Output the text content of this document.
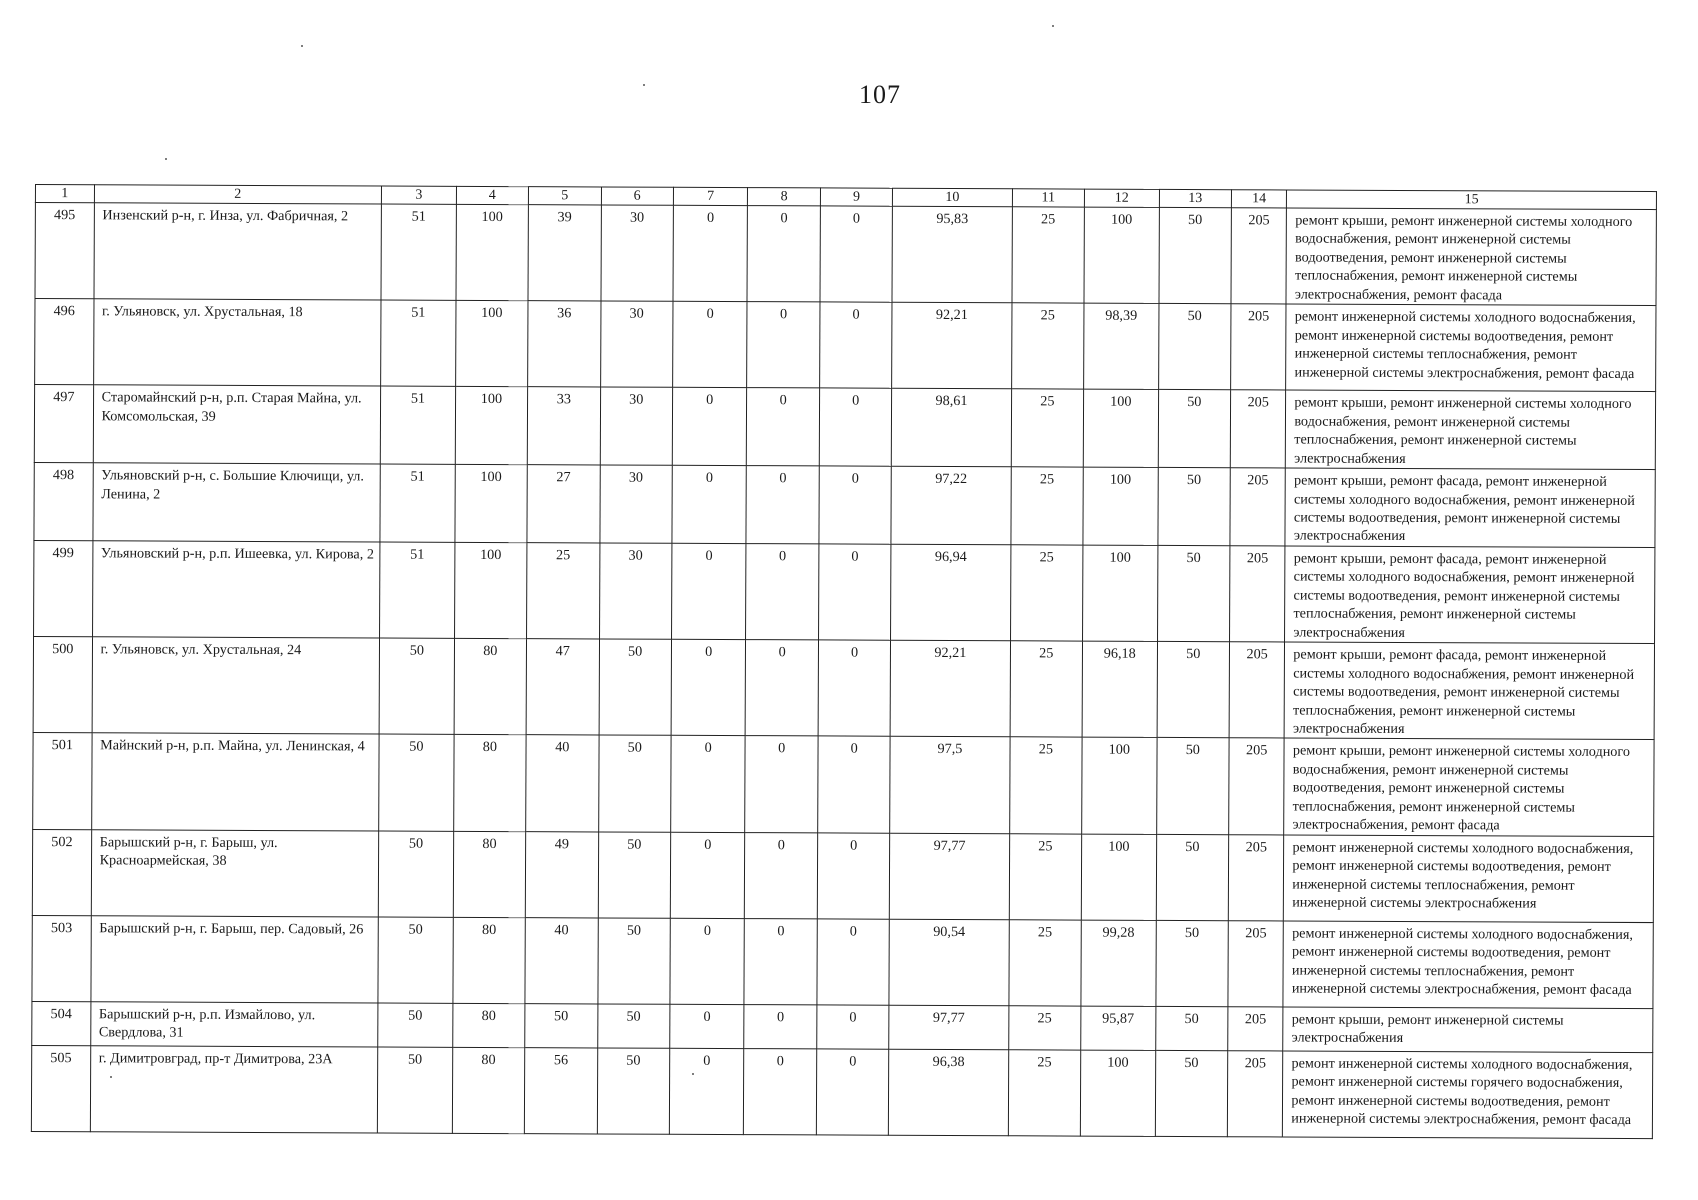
107
1	2	3	4	5	6	7	8	9	10	11	12	13	14	15
495	Инзенский р-н, г. Инза, ул. Фабричная, 2	51	100	39	30	0	0	0	95,83	25	100	50	205	ремонт крыши, ремонт инженерной системы холодного водоснабжения, ремонт инженерной системы водоотведения, ремонт инженерной системы теплоснабжения, ремонт инженерной системы электроснабжения, ремонт фасада
496	г. Ульяновск, ул. Хрустальная, 18	51	100	36	30	0	0	0	92,21	25	98,39	50	205	ремонт инженерной системы холодного водоснабжения, ремонт инженерной системы водоотведения, ремонт инженерной системы теплоснабжения, ремонт инженерной системы электроснабжения, ремонт фасада
497	Старомайнский р-н, р.п. Старая Майна, ул. Комсомольская, 39	51	100	33	30	0	0	0	98,61	25	100	50	205	ремонт крыши, ремонт инженерной системы холодного водоснабжения, ремонт инженерной системы теплоснабжения, ремонт инженерной системы электроснабжения
498	Ульяновский р-н, с. Большие Ключищи, ул. Ленина, 2	51	100	27	30	0	0	0	97,22	25	100	50	205	ремонт крыши, ремонт фасада, ремонт инженерной системы холодного водоснабжения, ремонт инженерной системы водоотведения, ремонт инженерной системы электроснабжения
499	Ульяновский р-н, р.п. Ишеевка, ул. Кирова, 2	51	100	25	30	0	0	0	96,94	25	100	50	205	ремонт крыши, ремонт фасада, ремонт инженерной системы холодного водоснабжения, ремонт инженерной системы водоотведения, ремонт инженерной системы теплоснабжения, ремонт инженерной системы электроснабжения
500	г. Ульяновск, ул. Хрустальная, 24	50	80	47	50	0	0	0	92,21	25	96,18	50	205	ремонт крыши, ремонт фасада, ремонт инженерной системы холодного водоснабжения, ремонт инженерной системы водоотведения, ремонт инженерной системы теплоснабжения, ремонт инженерной системы электроснабжения
501	Майнский р-н, р.п. Майна, ул. Ленинская, 4	50	80	40	50	0	0	0	97,5	25	100	50	205	ремонт крыши, ремонт инженерной системы холодного водоснабжения, ремонт инженерной системы водоотведения, ремонт инженерной системы теплоснабжения, ремонт инженерной системы электроснабжения, ремонт фасада
502	Барышский р-н, г. Барыш, ул. Красноармейская, 38	50	80	49	50	0	0	0	97,77	25	100	50	205	ремонт инженерной системы холодного водоснабжения, ремонт инженерной системы водоотведения, ремонт инженерной системы теплоснабжения, ремонт инженерной системы электроснабжения
503	Барышский р-н, г. Барыш, пер. Садовый, 26	50	80	40	50	0	0	0	90,54	25	99,28	50	205	ремонт инженерной системы холодного водоснабжения, ремонт инженерной системы водоотведения, ремонт инженерной системы теплоснабжения, ремонт инженерной системы электроснабжения, ремонт фасада
504	Барышский р-н, р.п. Измайлово, ул. Свердлова, 31	50	80	50	50	0	0	0	97,77	25	95,87	50	205	ремонт крыши, ремонт инженерной системы электроснабжения
505	г. Димитровград, пр-т Димитрова, 23А	50	80	56	50	0	0	0	96,38	25	100	50	205	ремонт инженерной системы холодного водоснабжения, ремонт инженерной системы горячего водоснабжения, ремонт инженерной системы водоотведения, ремонт инженерной системы электроснабжения, ремонт фасада
